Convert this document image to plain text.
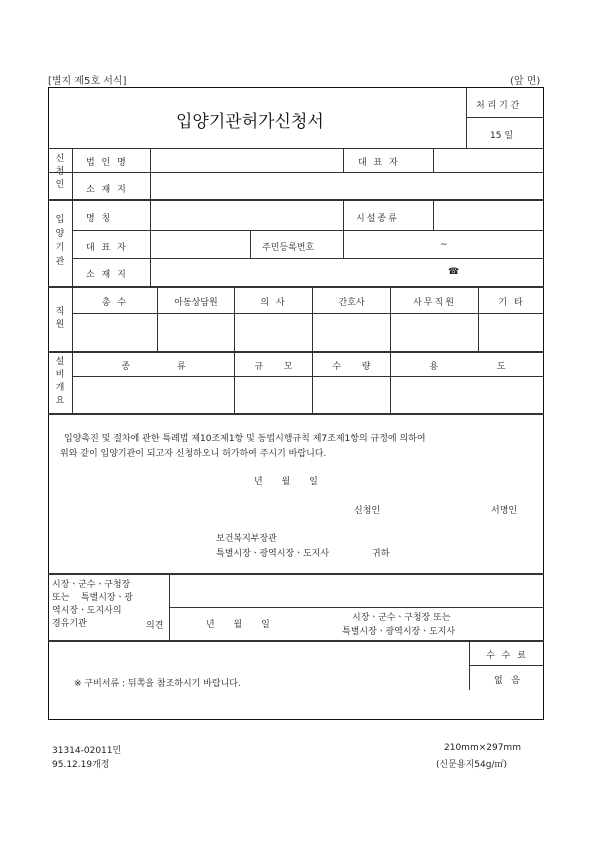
[별지 제5호 서식]	(앞 면)
입양기관허가신청서
처 리 기 간
15 일
신청인
법 인 명	대 표 자
소 재 지
입양기관
명 칭	시설종류
대 표 자	주민등록번호	~
소 재 지	☎
직원
총 수	아동상담원	의 사	간호사	사무직원	기 타
설비개요
종 류	규 모	수 량	용 도
입양촉진 및 절차에 관한 특례법 제10조제1항 및 동법시행규칙 제7조제1항의 규정에 의하여
위와 같이 입양기관이 되고자 신청하오니 허가하여 주시기 바랍니다.
년 월 일
신청인	서명인
보건복지부장관
특별시장ㆍ광역시장ㆍ도지사	귀하
시장ㆍ군수ㆍ구청장
또는    특별시장ㆍ광
역시장ㆍ도지사의
경유기관	의견	년 월 일
시장ㆍ군수ㆍ구청장 또는
특별시장ㆍ광역시장ㆍ도지사
※ 구비서류 : 뒤쪽을 참조하시기 바랍니다.
수 수 료
없   음
31314-02011민
95.12.19개정
210mm×297mm
(신문용지54g/㎡)
